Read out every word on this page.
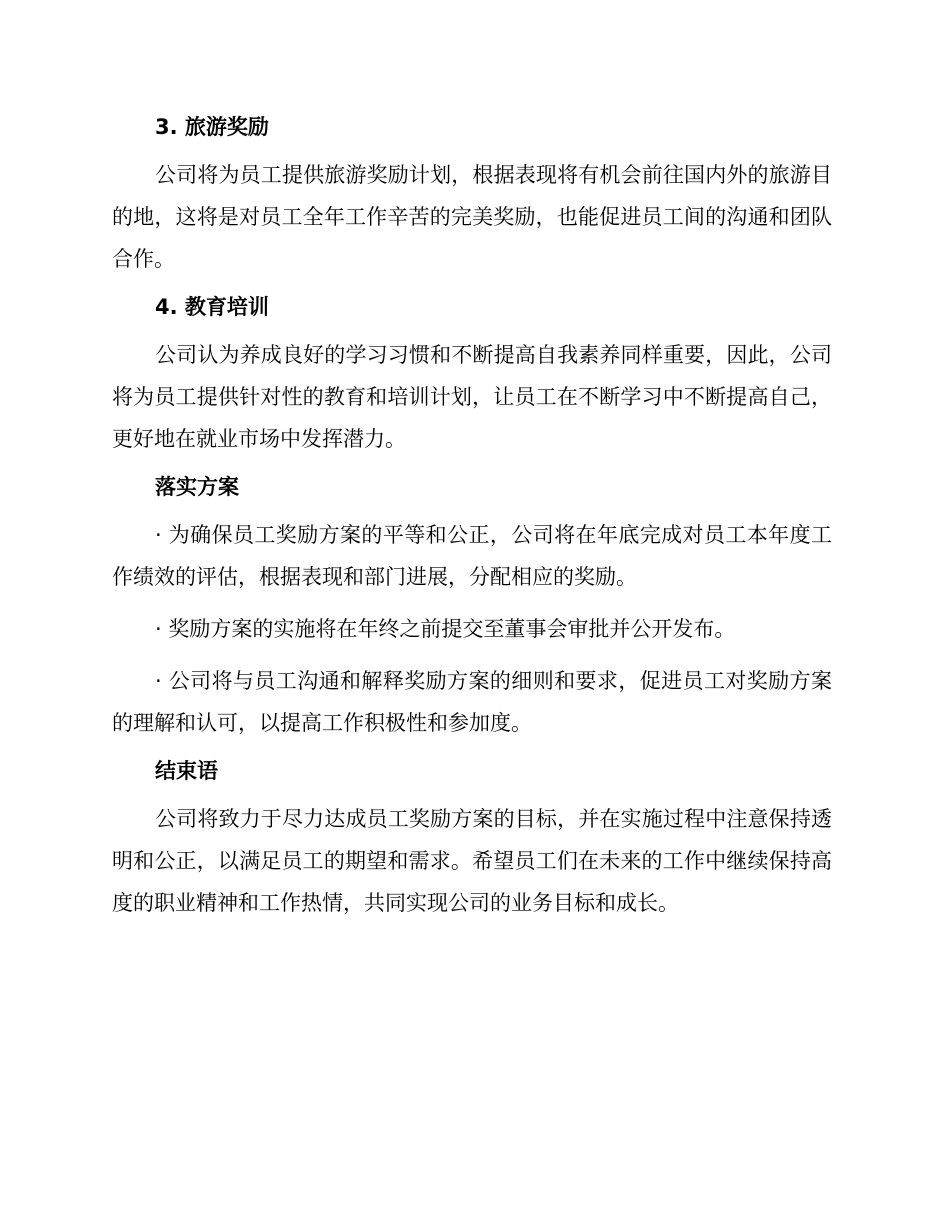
3. 旅游奖励

公司将为员工提供旅游奖励计划，根据表现将有机会前往国内外的旅游目的地，这将是对员工全年工作辛苦的完美奖励，也能促进员工间的沟通和团队合作。

4. 教育培训

公司认为养成良好的学习习惯和不断提高自我素养同样重要，因此，公司将为员工提供针对性的教育和培训计划，让员工在不断学习中不断提高自己，更好地在就业市场中发挥潜力。

落实方案

· 为确保员工奖励方案的平等和公正，公司将在年底完成对员工本年度工作绩效的评估，根据表现和部门进展，分配相应的奖励。

· 奖励方案的实施将在年终之前提交至董事会审批并公开发布。

· 公司将与员工沟通和解释奖励方案的细则和要求，促进员工对奖励方案的理解和认可，以提高工作积极性和参加度。

结束语

公司将致力于尽力达成员工奖励方案的目标，并在实施过程中注意保持透明和公正，以满足员工的期望和需求。希望员工们在未来的工作中继续保持高度的职业精神和工作热情，共同实现公司的业务目标和成长。
